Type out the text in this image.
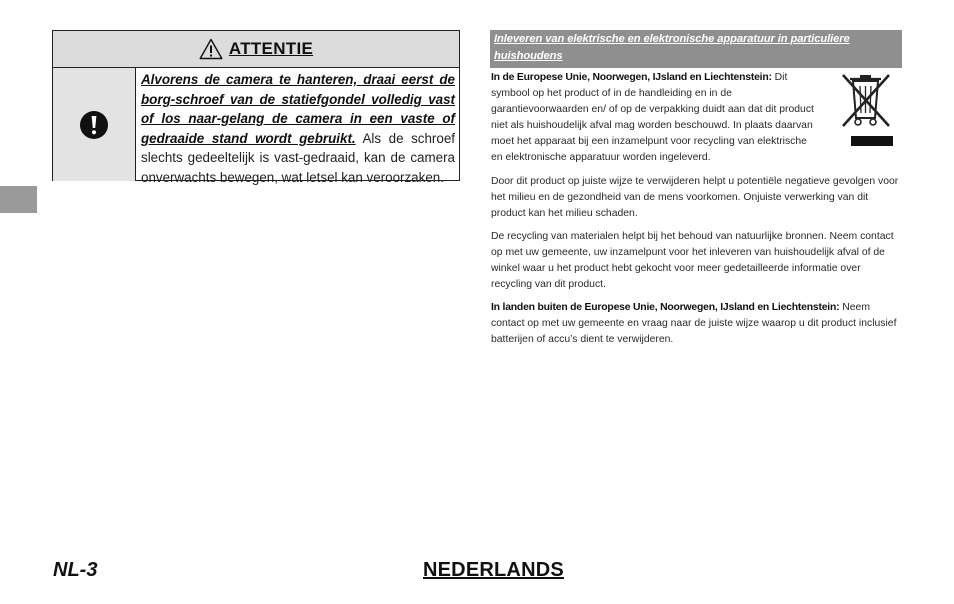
ATTENTIE
Alvorens de camera te hanteren, draai eerst de borg-schroef van de statiefgondel volledig vast of los naar-gelang de camera in een vaste of gedraaide stand wordt gebruikt. Als de schroef slechts gedeeltelijk is vast-gedraaid, kan de camera onverwachts bewegen, wat letsel kan veroorzaken.
Inleveren van elektrische en elektronische apparatuur in particuliere huishoudens

In de Europese Unie, Noorwegen, IJsland en Liechtenstein: Dit symbool op het product of in de handleiding en in de garantievoorwaarden en/ of op de verpakking duidt aan dat dit product niet als huishoudelijk afval mag worden beschouwd. In plaats daarvan moet het apparaat bij een inzamelpunt voor recycling van elektrische en elektronische apparatuur worden ingeleverd.

Door dit product op juiste wijze te verwijderen helpt u potentiële negatieve gevolgen voor het milieu en de gezondheid van de mens voorkomen. Onjuiste verwerking van dit product kan het milieu schaden.

De recycling van materialen helpt bij het behoud van natuurlijke bronnen. Neem contact op met uw gemeente, uw inzamelpunt voor het inleveren van huishoudelijk afval of de winkel waar u het product hebt gekocht voor meer gedetailleerde informatie over recycling van dit product.

In landen buiten de Europese Unie, Noorwegen, IJsland en Liechtenstein: Neem contact op met uw gemeente en vraag naar de juiste wijze waarop u dit product inclusief batterijen of accu’s dient te verwijderen.

NL-3	NEDERLANDS
